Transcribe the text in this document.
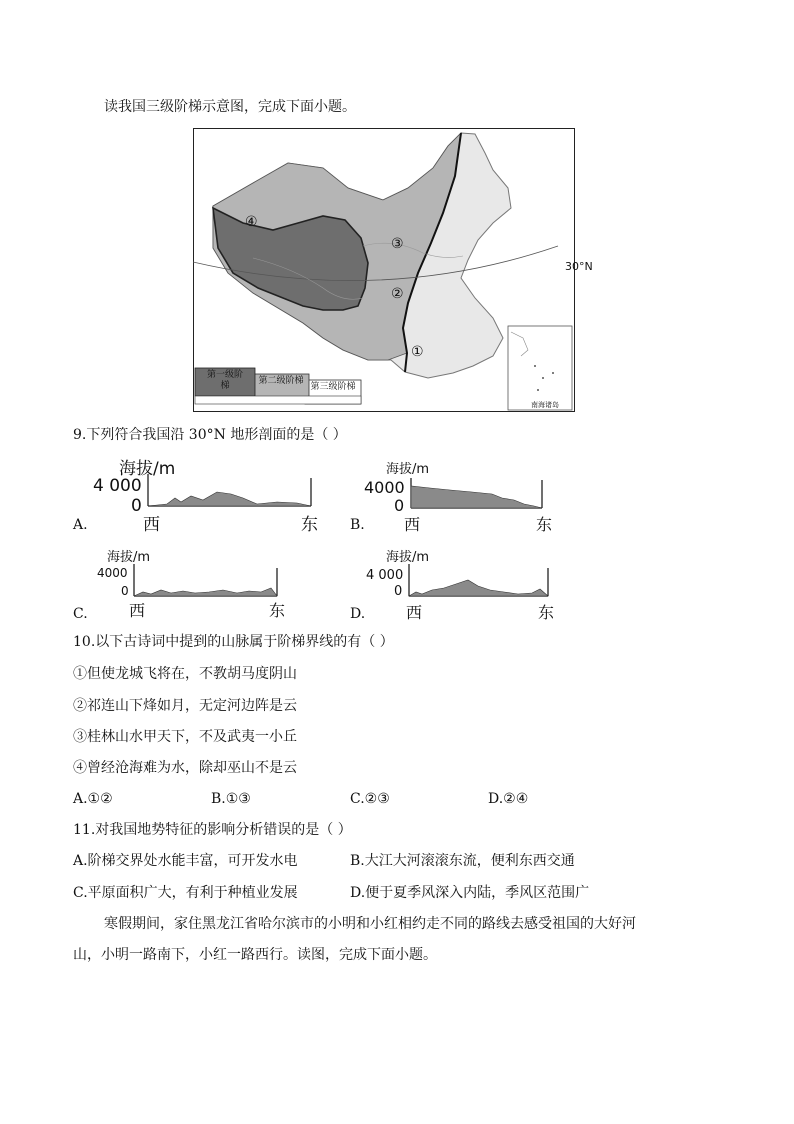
读我国三级阶梯示意图，完成下面小题。
30°N
①
②
③
④
第一级阶梯	第二级阶梯
第三级阶梯
南海诸岛
9.下列符合我国沿 30°N 地形剖面的是（ ）
A.
海拔/m
4 000
0
西	东 B.
海拔/m
4000
0
西	东
C.
海拔/m
4000
0
西	东	D.
海拔/m
4 000
0
西	东
10.以下古诗词中提到的山脉属于阶梯界线的有（ ）
①但使龙城飞将在，不教胡马度阴山
②祁连山下烽如月，无定河边阵是云
③桂林山水甲天下，不及武夷一小丘
④曾经沧海难为水，除却巫山不是云
A.①②	B.①③	C.②③	D.②④
11.对我国地势特征的影响分析错误的是（ ）
A.阶梯交界处水能丰富，可开发水电	B.大江大河滚滚东流，便利东西交通
C.平原面积广大，有利于种植业发展	D.便于夏季风深入内陆，季风区范围广
寒假期间，家住黑龙江省哈尔滨市的小明和小红相约走不同的路线去感受祖国的大好河
山，小明一路南下，小红一路西行。读图，完成下面小题。
